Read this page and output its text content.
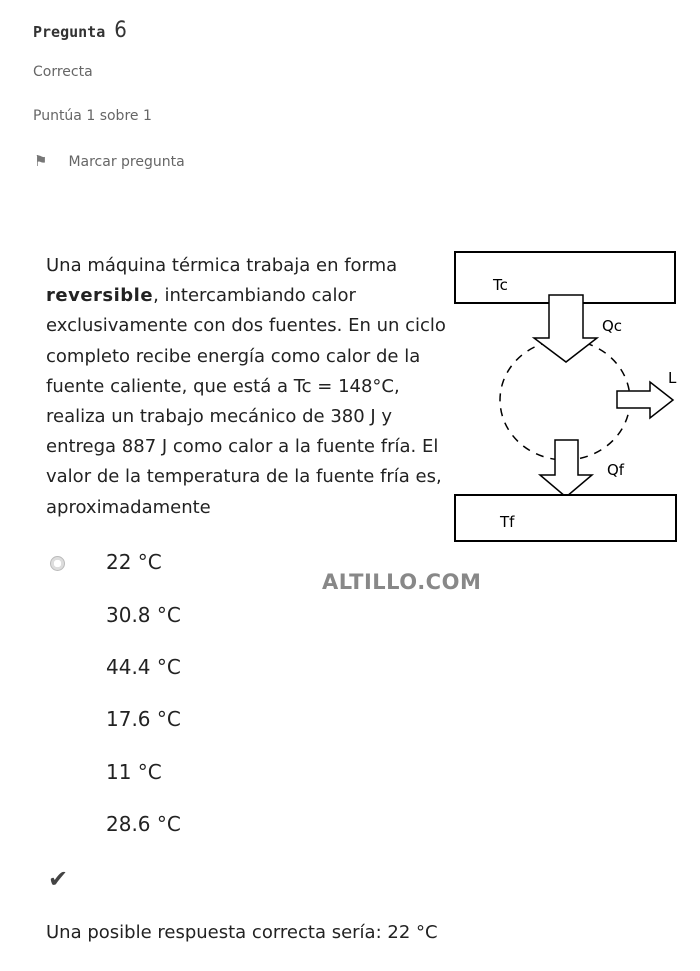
Pregunta 6
Correcta
Puntúa 1 sobre 1
⚑ Marcar pregunta
Una máquina térmica trabaja en forma reversible, intercambiando calor exclusivamente con dos fuentes. En un ciclo completo recibe energía como calor de la fuente caliente, que está a Tc = 148°C, realiza un trabajo mecánico de 380 J y entrega 887 J como calor a la fuente fría. El valor de la temperatura de la fuente fría es, aproximadamente
Tc
Qc
L
Qf
Tf
22 °C
30.8 °C
44.4 °C
17.6 °C
11 °C
28.6 °C
ALTILLO.COM
✔
Una posible respuesta correcta sería: 22 °C
